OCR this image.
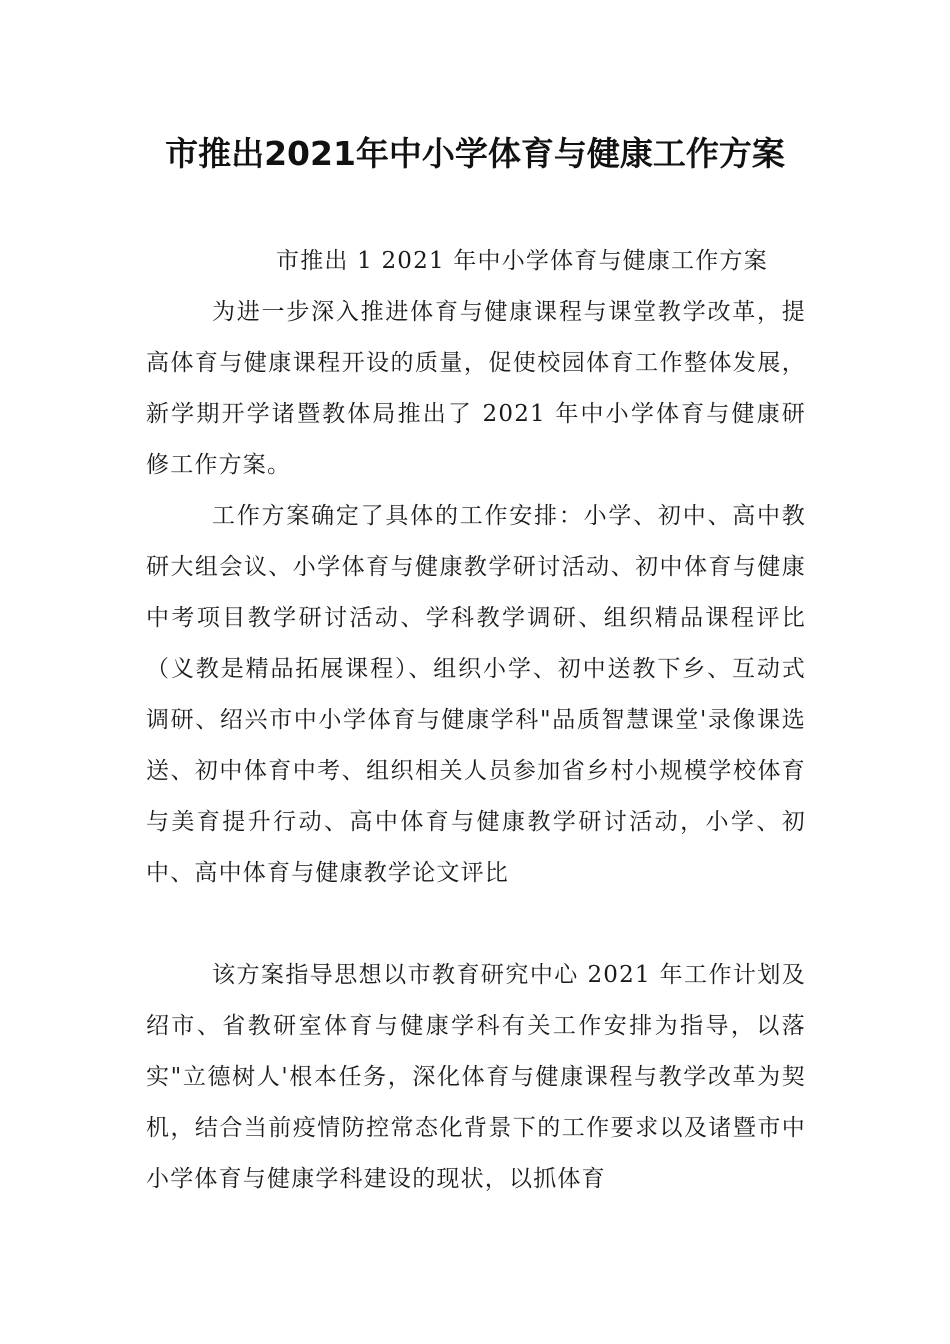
市推出2021年中小学体育与健康工作方案

市推出 1 2021 年中小学体育与健康工作方案

为进一步深入推进体育与健康课程与课堂教学改革，提高体育与健康课程开设的质量，促使校园体育工作整体发展，新学期开学诸暨教体局推出了 2021 年中小学体育与健康研修工作方案。

工作方案确定了具体的工作安排：小学、初中、高中教研大组会议、小学体育与健康教学研讨活动、初中体育与健康中考项目教学研讨活动、学科教学调研、组织精品课程评比（义教是精品拓展课程）、组织小学、初中送教下乡、互动式调研、绍兴市中小学体育与健康学科"品质智慧课堂'录像课选送、初中体育中考、组织相关人员参加省乡村小规模学校体育与美育提升行动、高中体育与健康教学研讨活动，小学、初中、高中体育与健康教学论文评比

该方案指导思想以市教育研究中心 2021 年工作计划及绍市、省教研室体育与健康学科有关工作安排为指导，以落实"立德树人'根本任务，深化体育与健康课程与教学改革为契机，结合当前疫情防控常态化背景下的工作要求以及诸暨市中小学体育与健康学科建设的现状，以抓体育
